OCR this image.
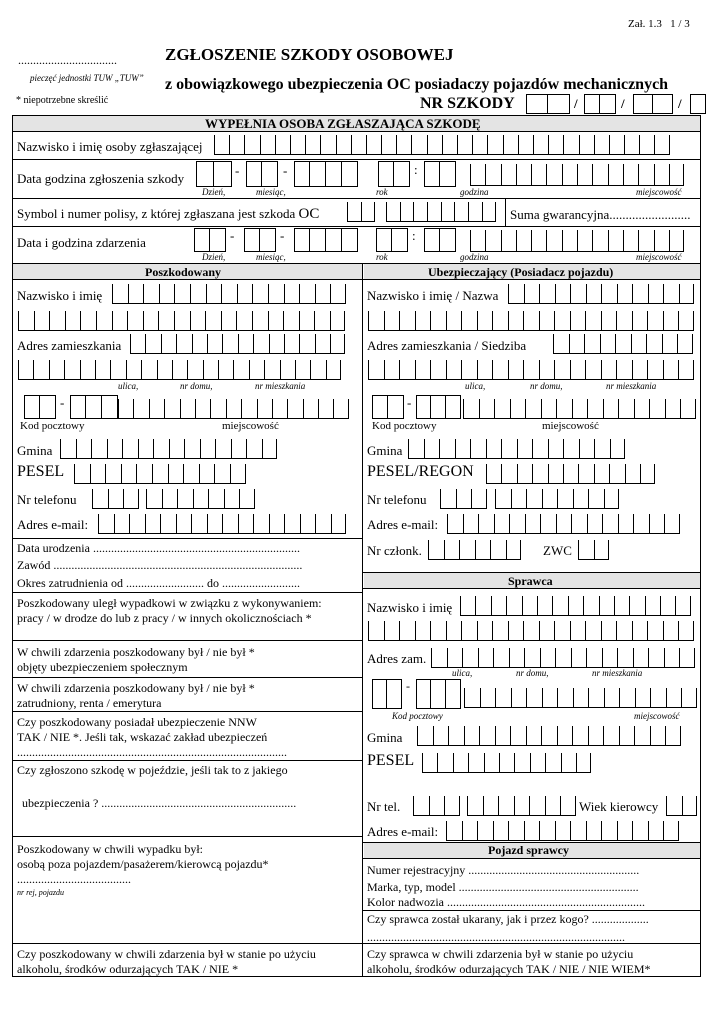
Zał. 1.3 1 / 3
.................................
pieczęć jednostki TUW „TUW”
* niepotrzebne skreślić
ZGŁOSZENIE SZKODY OSOBOWEJ
z obowiązkowego ubezpieczenia OC posiadaczy pojazdów mechanicznych
NR SZKODY	/	/	/
WYPEŁNIA OSOBA ZGŁASZAJĄCA SZKODĘ
Nazwisko i imię osoby zgłaszającej
Data godzina zgłoszenia szkody
-	-	:
Dzień,	miesiąc,	rok	godzina	miejscowość
Symbol i numer polisy, z której zgłaszana jest szkoda OC	Suma gwarancyjna.........................
Data i godzina zdarzenia	-	-	:
Dzień,	miesiąc,	rok	godzina	miejscowość
Poszkodowany	Ubezpieczający (Posiadacz pojazdu)
Nazwisko i imię
Adres zamieszkania
ulica,	nr domu,	nr mieszkania
-
Kod pocztowy	miejscowość
Gmina
PESEL
Nr telefonu
Adres e-mail:
Data urodzenia .....................................................................
Zawód ...................................................................................
Okres zatrudnienia od .......................... do ..........................
Poszkodowany uległ wypadkowi w związku z wykonywaniem:
pracy / w drodze do lub z pracy / w innych okolicznościach *
W chwili zdarzenia poszkodowany był / nie był *
objęty ubezpieczeniem społecznym
W chwili zdarzenia poszkodowany był / nie był *
zatrudniony, renta / emerytura
Czy poszkodowany posiadał ubezpieczenie NNW
TAK / NIE *. Jeśli tak, wskazać zakład ubezpieczeń
..........................................................................................
Czy zgłoszono szkodę w pojeździe, jeśli tak to z jakiego
ubezpieczenia ? .................................................................
Poszkodowany w chwili wypadku był:
osobą poza pojazdem/pasażerem/kierowcą pojazdu*
......................................
nr rej, pojazdu
Czy poszkodowany w chwili zdarzenia był w stanie po użyciu
alkoholu, środków odurzających TAK / NIE *
Nazwisko i imię / Nazwa
Adres zamieszkania / Siedziba
ulica,	nr domu,	nr mieszkania
-
Kod pocztowy	miejscowość
Gmina
PESEL/REGON
Nr telefonu
Adres e-mail:
Nr członk.	ZWC
Sprawca
Nazwisko i imię
Adres zam.
ulica,	nr domu,	nr mieszkania
-
Kod pocztowy	miejscowość
Gmina
PESEL
Nr tel.	Wiek kierowcy
Adres e-mail:
Pojazd sprawcy
Numer rejestracyjny .........................................................
Marka, typ, model ............................................................
Kolor nadwozia ..................................................................
Czy sprawca został ukarany, jak i przez kogo? ...................
......................................................................................
Czy sprawca w chwili zdarzenia był w stanie po użyciu
alkoholu, środków odurzających TAK / NIE / NIE WIEM*
